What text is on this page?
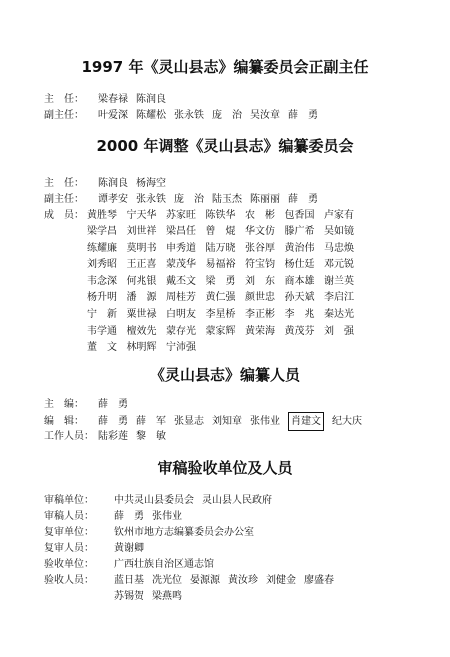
1997 年《灵山县志》编纂委员会正副主任
主　任： 梁春禄 陈润良
副主任： 叶爱深 陈耀松 张永铁 庞　治 吴汝章 薛　勇
2000 年调整《灵山县志》编纂委员会
主　任： 陈润良 杨海空
副主任： 谭孝安 张永铁 庞　治 陆玉杰 陈丽丽 薛　勇
成　员： 黄胜琴 宁天华 苏家旺 陈铁华 农　彬 包香国 卢家有
梁学昌 刘世祥 梁昌任 曾　焜 华文仿 滕广希 吴如镜
练耀廉 莫明书 申秀道 陆万晓 张谷厚 黄治伟 马忠焕
刘秀昭 王正喜 蒙茂华 易福裕 符宝钧 杨仕廷 邓元锐
韦念深 何兆银 戴丕文 梁　勇 刘　东 商本雄 谢兰英
杨升明 潘　源 周桂芳 黄仁强 颜世忠 孙天斌 李启江
宁　新 粟世禄 白明友 李星桥 李正彬 李　兆 秦达光
韦学通 檀效先 蒙存光 蒙家辉 黄荣海 黄茂芬 刘　强
董　文 林明辉 宁沛强
《灵山县志》编纂人员
主　编： 薛　勇
编　辑： 薛　勇 薛　军 张显志 刘知章 张伟业 肖建文 纪大庆
工作人员： 陆彩莲 黎　敏
审稿验收单位及人员
审稿单位： 中共灵山县委员会 灵山县人民政府
审稿人员： 薛　勇 张伟业
复审单位： 钦州市地方志编纂委员会办公室
复审人员： 黄谢卿
验收单位： 广西壮族自治区通志馆
验收人员： 蓝日基 冼光位 晏源源 黄汝珍 刘健金 廖盛春
苏锡贺 梁燕鸣
